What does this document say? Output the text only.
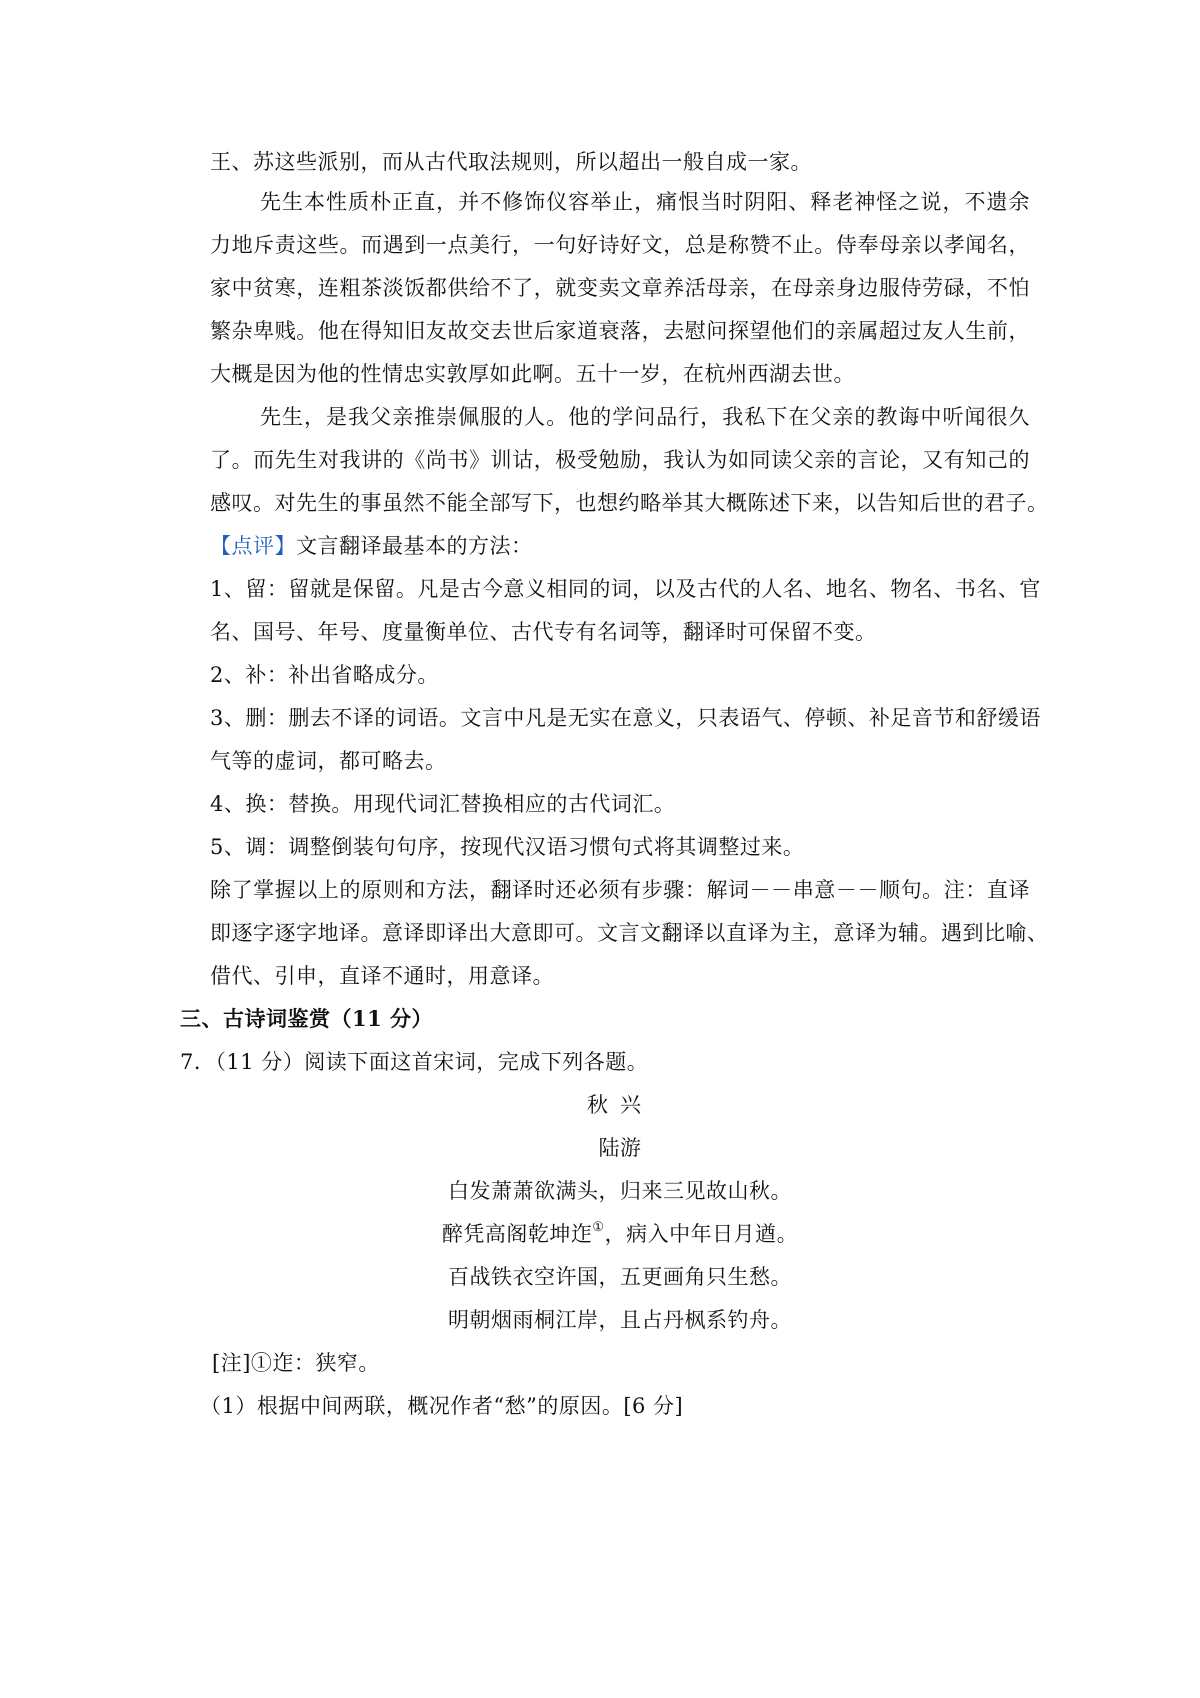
王、苏这些派别，而从古代取法规则，所以超出一般自成一家。
先生本性质朴正直，并不修饰仪容举止，痛恨当时阴阳、释老神怪之说，不遗余
力地斥责这些。而遇到一点美行，一句好诗好文，总是称赞不止。侍奉母亲以孝闻名，
家中贫寒，连粗茶淡饭都供给不了，就变卖文章养活母亲，在母亲身边服侍劳碌，不怕
繁杂卑贱。他在得知旧友故交去世后家道衰落，去慰问探望他们的亲属超过友人生前，
大概是因为他的性情忠实敦厚如此啊。五十一岁，在杭州西湖去世。
先生，是我父亲推崇佩服的人。他的学问品行，我私下在父亲的教诲中听闻很久
了。而先生对我讲的《尚书》训诂，极受勉励，我认为如同读父亲的言论，又有知己的
感叹。对先生的事虽然不能全部写下，也想约略举其大概陈述下来，以告知后世的君子。
【点评】文言翻译最基本的方法：
1、留：留就是保留。凡是古今意义相同的词，以及古代的人名、地名、物名、书名、官
名、国号、年号、度量衡单位、古代专有名词等，翻译时可保留不变。
2、补：补出省略成分。
3、删：删去不译的词语。文言中凡是无实在意义，只表语气、停顿、补足音节和舒缓语
气等的虚词，都可略去。
4、换：替换。用现代词汇替换相应的古代词汇。
5、调：调整倒装句句序，按现代汉语习惯句式将其调整过来。
除了掌握以上的原则和方法，翻译时还必须有步骤：解词－－串意－－顺句。注：直译
即逐字逐字地译。意译即译出大意即可。文言文翻译以直译为主，意译为辅。遇到比喻、
借代、引申，直译不通时，用意译。
三、古诗词鉴赏（11 分）
7．（11 分）阅读下面这首宋词，完成下列各题。
秋兴
陆游
白发萧萧欲满头，归来三见故山秋。
醉凭高阁乾坤迮①，病入中年日月遒。
百战铁衣空许国，五更画角只生愁。
明朝烟雨桐江岸，且占丹枫系钓舟。
[注]①迮：狭窄。
（1）根据中间两联，概况作者“愁”的原因。[6 分]
